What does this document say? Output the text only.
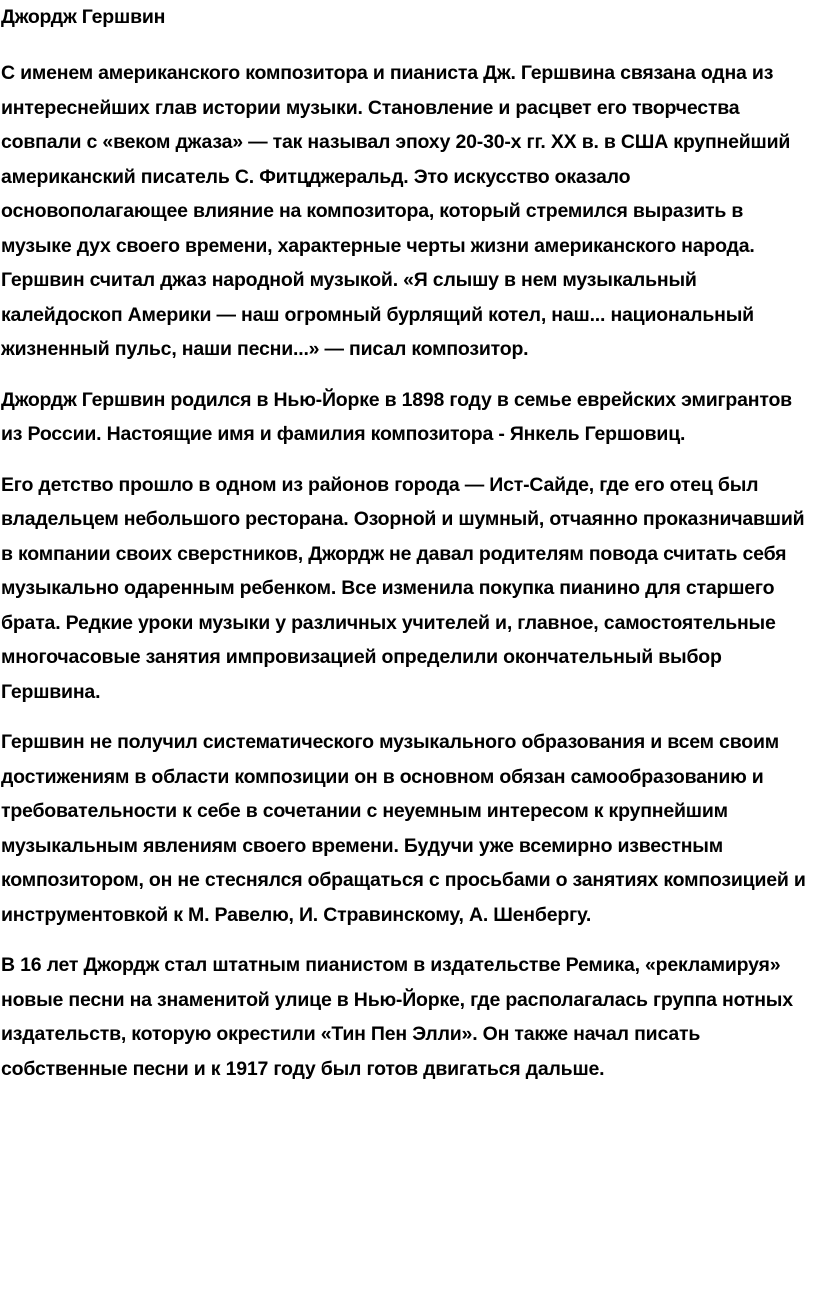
Джордж Гершвин

С именем американского композитора и пианиста Дж. Гершвина связана одна из интереснейших глав истории музыки. Становление и расцвет его творчества совпали с «веком джаза» — так называл эпоху 20-30-х гг. XX в. в США крупнейший американский писатель С. Фитцджеральд. Это искусство оказало основополагающее влияние на композитора, который стремился выразить в музыке дух своего времени, характерные черты жизни американского народа. Гершвин считал джаз народной музыкой. «Я слышу в нем музыкальный калейдоскоп Америки — наш огромный бурлящий котел, наш... национальный жизненный пульс, наши песни...» — писал композитор.

Джордж Гершвин родился в Нью-Йорке в 1898 году в семье еврейских эмигрантов из России. Настоящие имя и фамилия композитора - Янкель Гершовиц.

Его детство прошло в одном из районов города — Ист-Сайде, где его отец был владельцем небольшого ресторана. Озорной и шумный, отчаянно проказничавший в компании своих сверстников, Джордж не давал родителям повода считать себя музыкально одаренным ребенком. Все изменила покупка пианино для старшего брата. Редкие уроки музыки у различных учителей и, главное, самостоятельные многочасовые занятия импровизацией определили окончательный выбор Гершвина.

Гершвин не получил систематического музыкального образования и всем своим достижениям в области композиции он в основном обязан самообразованию и требовательности к себе в сочетании с неуемным интересом к крупнейшим музыкальным явлениям своего времени. Будучи уже всемирно известным композитором, он не стеснялся обращаться с просьбами о занятиях композицией и инструментовкой к М. Равелю, И. Стравинскому, А. Шенбергу.

В 16 лет Джордж стал штатным пианистом в издательстве Ремика, «рекламируя» новые песни на знаменитой улице в Нью-Йорке, где располагалась группа нотных издательств, которую окрестили «Тин Пен Элли». Он также начал писать собственные песни и к 1917 году был готов двигаться дальше.
